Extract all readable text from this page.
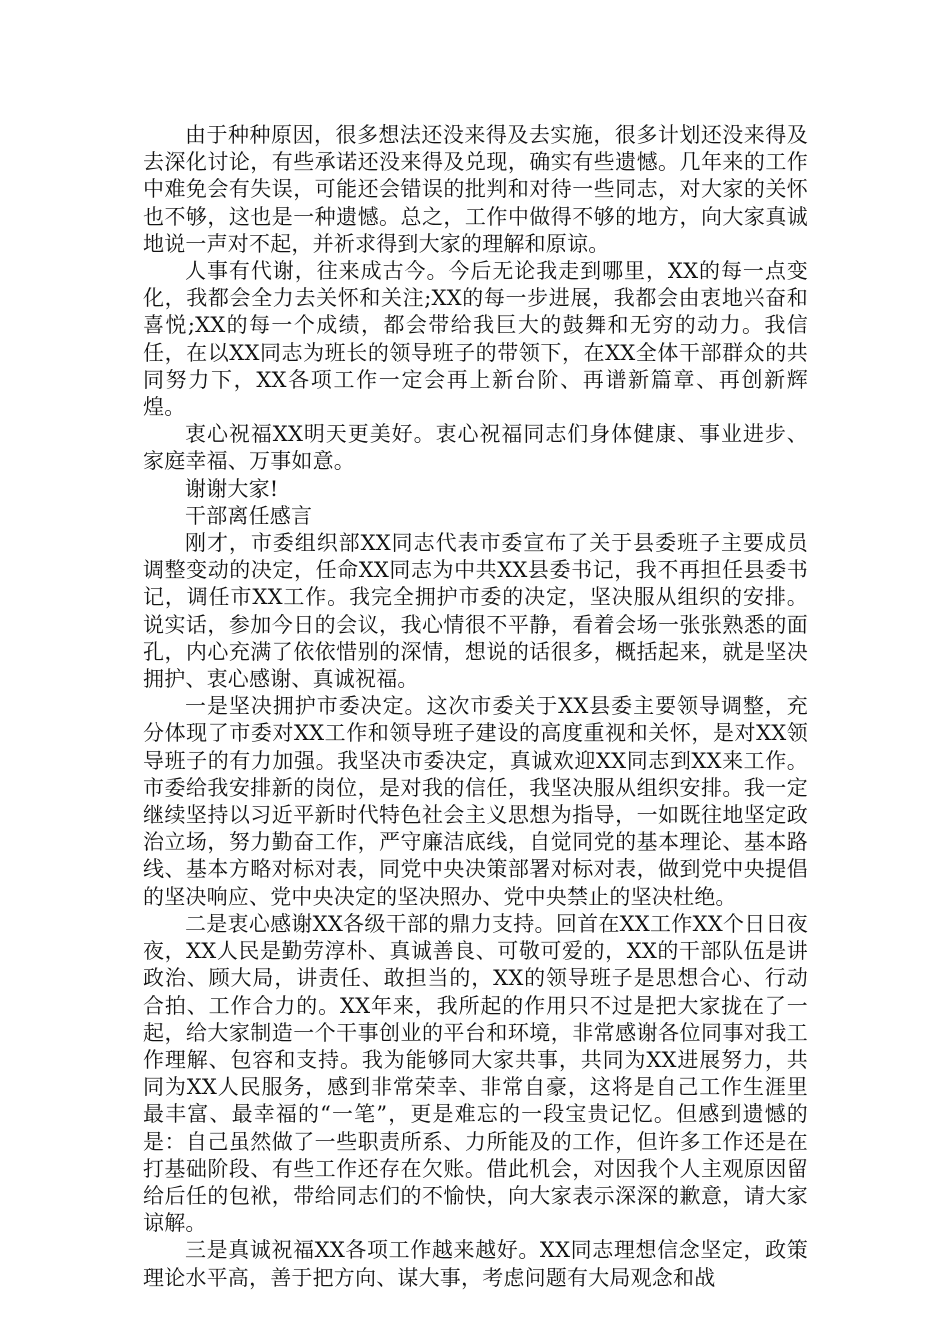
由于种种原因，很多想法还没来得及去实施，很多计划还没来得及去深化讨论，有些承诺还没来得及兑现，确实有些遗憾。几年来的工作中难免会有失误，可能还会错误的批判和对待一些同志，对大家的关怀也不够，这也是一种遗憾。总之，工作中做得不够的地方，向大家真诚地说一声对不起，并祈求得到大家的理解和原谅。

人事有代谢，往来成古今。今后无论我走到哪里，XX的每一点变化，我都会全力去关怀和关注;XX的每一步进展，我都会由衷地兴奋和喜悦;XX的每一个成绩，都会带给我巨大的鼓舞和无穷的动力。我信任，在以XX同志为班长的领导班子的带领下，在XX全体干部群众的共同努力下，XX各项工作一定会再上新台阶、再谱新篇章、再创新辉煌。

衷心祝福XX明天更美好。衷心祝福同志们身体健康、事业进步、家庭幸福、万事如意。

谢谢大家!

干部离任感言

刚才，市委组织部XX同志代表市委宣布了关于县委班子主要成员调整变动的决定，任命XX同志为中共XX县委书记，我不再担任县委书记，调任市XX工作。我完全拥护市委的决定，坚决服从组织的安排。说实话，参加今日的会议，我心情很不平静，看着会场一张张熟悉的面孔，内心充满了依依惜别的深情，想说的话很多，概括起来，就是坚决拥护、衷心感谢、真诚祝福。

一是坚决拥护市委决定。这次市委关于XX县委主要领导调整，充分体现了市委对XX工作和领导班子建设的高度重视和关怀，是对XX领导班子的有力加强。我坚决市委决定，真诚欢迎XX同志到XX来工作。市委给我安排新的岗位，是对我的信任，我坚决服从组织安排。我一定继续坚持以习近平新时代特色社会主义思想为指导，一如既往地坚定政治立场，努力勤奋工作，严守廉洁底线，自觉同党的基本理论、基本路线、基本方略对标对表，同党中央决策部署对标对表，做到党中央提倡的坚决响应、党中央决定的坚决照办、党中央禁止的坚决杜绝。

二是衷心感谢XX各级干部的鼎力支持。回首在XX工作XX个日日夜夜，XX人民是勤劳淳朴、真诚善良、可敬可爱的，XX的干部队伍是讲政治、顾大局，讲责任、敢担当的，XX的领导班子是思想合心、行动合拍、工作合力的。XX年来，我所起的作用只不过是把大家拢在了一起，给大家制造一个干事创业的平台和环境，非常感谢各位同事对我工作理解、包容和支持。我为能够同大家共事，共同为XX进展努力，共同为XX人民服务，感到非常荣幸、非常自豪，这将是自己工作生涯里最丰富、最幸福的“一笔”，更是难忘的一段宝贵记忆。但感到遗憾的是：自己虽然做了一些职责所系、力所能及的工作，但许多工作还是在打基础阶段、有些工作还存在欠账。借此机会，对因我个人主观原因留给后任的包袱，带给同志们的不愉快，向大家表示深深的歉意，请大家谅解。

三是真诚祝福XX各项工作越来越好。XX同志理想信念坚定，政策理论水平高，善于把方向、谋大事，考虑问题有大局观念和战
